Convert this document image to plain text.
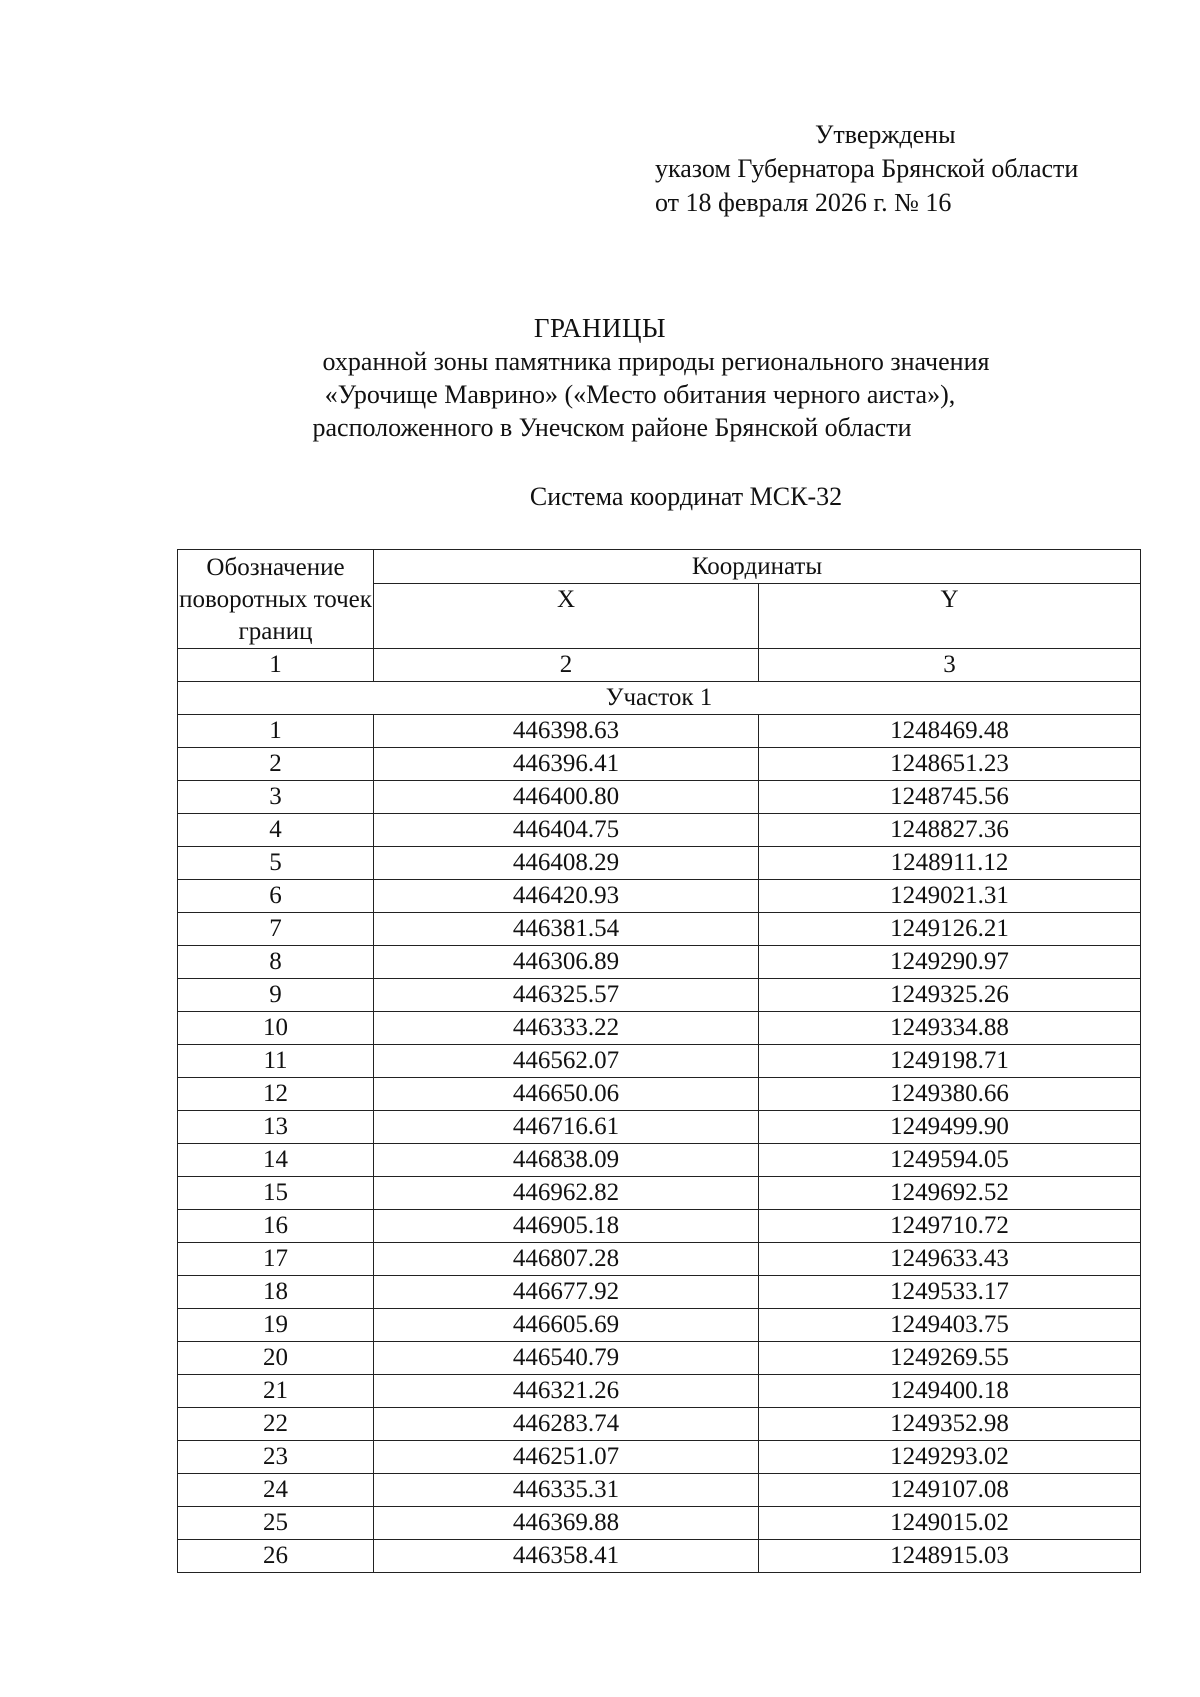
Утверждены
указом Губернатора Брянской области
от 18 февраля 2026 г. № 16
ГРАНИЦЫ
охранной зоны памятника природы регионального значения
«Урочище Маврино» («Место обитания черного аиста»),
расположенного в Унечском районе Брянской области
Система координат МСК-32
Обозначение поворотных точек границ	Координаты	
	X	Y
1	2	3
Участок 1		
1	446398.63	1248469.48
2	446396.41	1248651.23
3	446400.80	1248745.56
4	446404.75	1248827.36
5	446408.29	1248911.12
6	446420.93	1249021.31
7	446381.54	1249126.21
8	446306.89	1249290.97
9	446325.57	1249325.26
10	446333.22	1249334.88
11	446562.07	1249198.71
12	446650.06	1249380.66
13	446716.61	1249499.90
14	446838.09	1249594.05
15	446962.82	1249692.52
16	446905.18	1249710.72
17	446807.28	1249633.43
18	446677.92	1249533.17
19	446605.69	1249403.75
20	446540.79	1249269.55
21	446321.26	1249400.18
22	446283.74	1249352.98
23	446251.07	1249293.02
24	446335.31	1249107.08
25	446369.88	1249015.02
26	446358.41	1248915.03
